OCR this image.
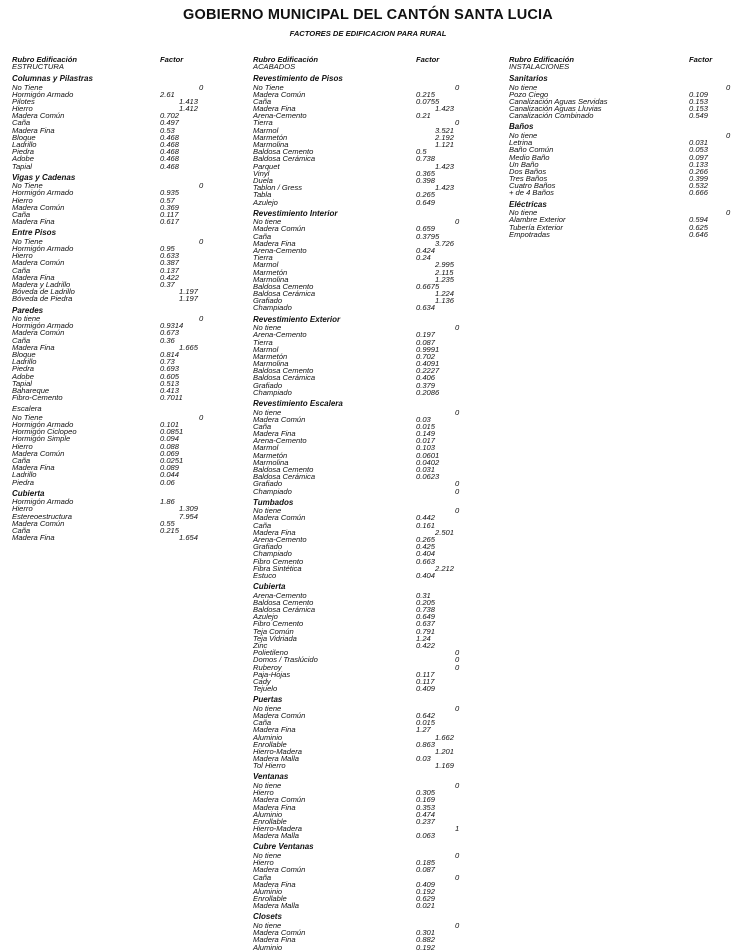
GOBIERNO MUNICIPAL DEL CANTÓN SANTA LUCIA
FACTORES DE EDIFICACION PARA RURAL
Rubro Edificación	Factor
ESTRUCTURA
Columnas y Pilastras
No Tiene	0
Hormigón Armado	2.61
Pilotes	1.413
Hierro	1.412
Madera Común	0.702
Caña	0.497
Madera Fina	0.53
Bloque	0.468
Ladrillo	0.468
Piedra	0.468
Adobe	0.468
Tapial	0.468
Vigas y Cadenas
No Tiene	0
Hormigón Armado	0.935
Hierro	0.57
Madera Común	0.369
Caña	0.117
Madera Fina	0.617
Entre Pisos
No Tiene	0
Hormigón Armado	0.95
Hierro	0.633
Madera Común	0.387
Caña	0.137
Madera Fina	0.422
Madera y Ladrillo	0.37
Bóveda de Ladrillo	1.197
Bóveda de Piedra	1.197
Paredes
No tiene	0
Hormigón Armado	0.9314
Madera Común	0.673
Caña	0.36
Madera Fina	1.665
Bloque	0.814
Ladrillo	0.73
Piedra	0.693
Adobe	0.605
Tapial	0.513
Bahareque	0.413
Fibro-Cemento	0.7011
Escalera
No Tiene	0
Hormigón Armado	0.101
Hormigón Ciclopeo	0.0851
Hormigón Simple	0.094
Hierro	0.088
Madera Común	0.069
Caña	0.0251
Madera Fina	0.089
Ladrillo	0.044
Piedra	0.06
Cubierta
Hormigón Armado	1.86
Hierro	1.309
Estereoestructura	7.954
Madera Común	0.55
Caña	0.215
Madera Fina	1.654
Rubro Edificación	Factor
ACABADOS
Revestimiento de Pisos
No Tiene	0
Madera Común	0.215
Caña	0.0755
Madera Fina	1.423
Arena-Cemento	0.21
Tierra	0
Marmol	3.521
Marmetón	2.192
Marmolina	1.121
Baldosa Cemento	0.5
Baldosa Cerámica	0.738
Parquet	1.423
Vinyl	0.365
Duela	0.398
Tablon / Gress	1.423
Tabla	0.265
Azulejo	0.649
Revestimiento Interior
No tiene	0
Madera Común	0.659
Caña	0.3795
Madera Fina	3.726
Arena-Cemento	0.424
Tierra	0.24
Marmol	2.995
Marmetón	2.115
Marmolina	1.235
Baldosa Cemento	0.6675
Baldosa Cerámica	1.224
Grafiado	1.136
Champiado	0.634
Revestimiento Exterior
No tiene	0
Arena-Cemento	0.197
Tierra	0.087
Marmol	0.9991
Marmetón	0.702
Marmolina	0.4091
Baldosa Cemento	0.2227
Baldosa Cerámica	0.406
Grafiado	0.379
Champiado	0.2086
Revestimiento Escalera
No tiene	0
Madera Común	0.03
Caña	0.015
Madera Fina	0.149
Arena-Cemento	0.017
Marmol	0.103
Marmetón	0.0601
Marmolina	0.0402
Baldosa Cemento	0.031
Baldosa Cerámica	0.0623
Grafiado	0
Champiado	0
Tumbados
No tiene	0
Madera Común	0.442
Caña	0.161
Madera Fina	2.501
Arena-Cemento	0.265
Grafiado	0.425
Champiado	0.404
Fibro Cemento	0.663
Fibra Sintética	2.212
Estuco	0.404
Cubierta
Arena-Cemento	0.31
Baldosa Cemento	0.205
Baldosa Cerámica	0.738
Azulejo	0.649
Fibro Cemento	0.637
Teja Común	0.791
Teja Vidriada	1.24
Zinc	0.422
Polietileno	0
Domos / Traslúcido	0
Ruberoy	0
Paja-Hojas	0.117
Cady	0.117
Tejuelo	0.409
Puertas
No tiene	0
Madera Común	0.642
Caña	0.015
Madera Fina	1.27
Aluminio	1.662
Enrollable	0.863
Hierro-Madera	1.201
Madera Malla	0.03
Tol Hierro	1.169
Ventanas
No tiene	0
Hierro	0.305
Madera Común	0.169
Madera Fina	0.353
Aluminio	0.474
Enrollable	0.237
Hierro-Madera	1
Madera Malla	0.063
Cubre Ventanas
No tiene	0
Hierro	0.185
Madera Común	0.087
Caña	0
Madera Fina	0.409
Aluminio	0.192
Enrollable	0.629
Madera Malla	0.021
Closets
No tiene	0
Madera Común	0.301
Madera Fina	0.882
Aluminio	0.192
Rubro Edificación	Factor
INSTALACIONES
Sanitarios
No tiene	0
Pozo Ciego	0.109
Canalización Aguas Servidas	0.153
Canalización Aguas Lluvias	0.153
Canalización Combinado	0.549
Baños
No tiene	0
Letrina	0.031
Baño Común	0.053
Medio Baño	0.097
Un Baño	0.133
Dos Baños	0.266
Tres Baños	0.399
Cuatro Baños	0.532
+ de 4 Baños	0.666
Eléctricas
No tiene	0
Alambre Exterior	0.594
Tubería Exterior	0.625
Empotradas	0.646
